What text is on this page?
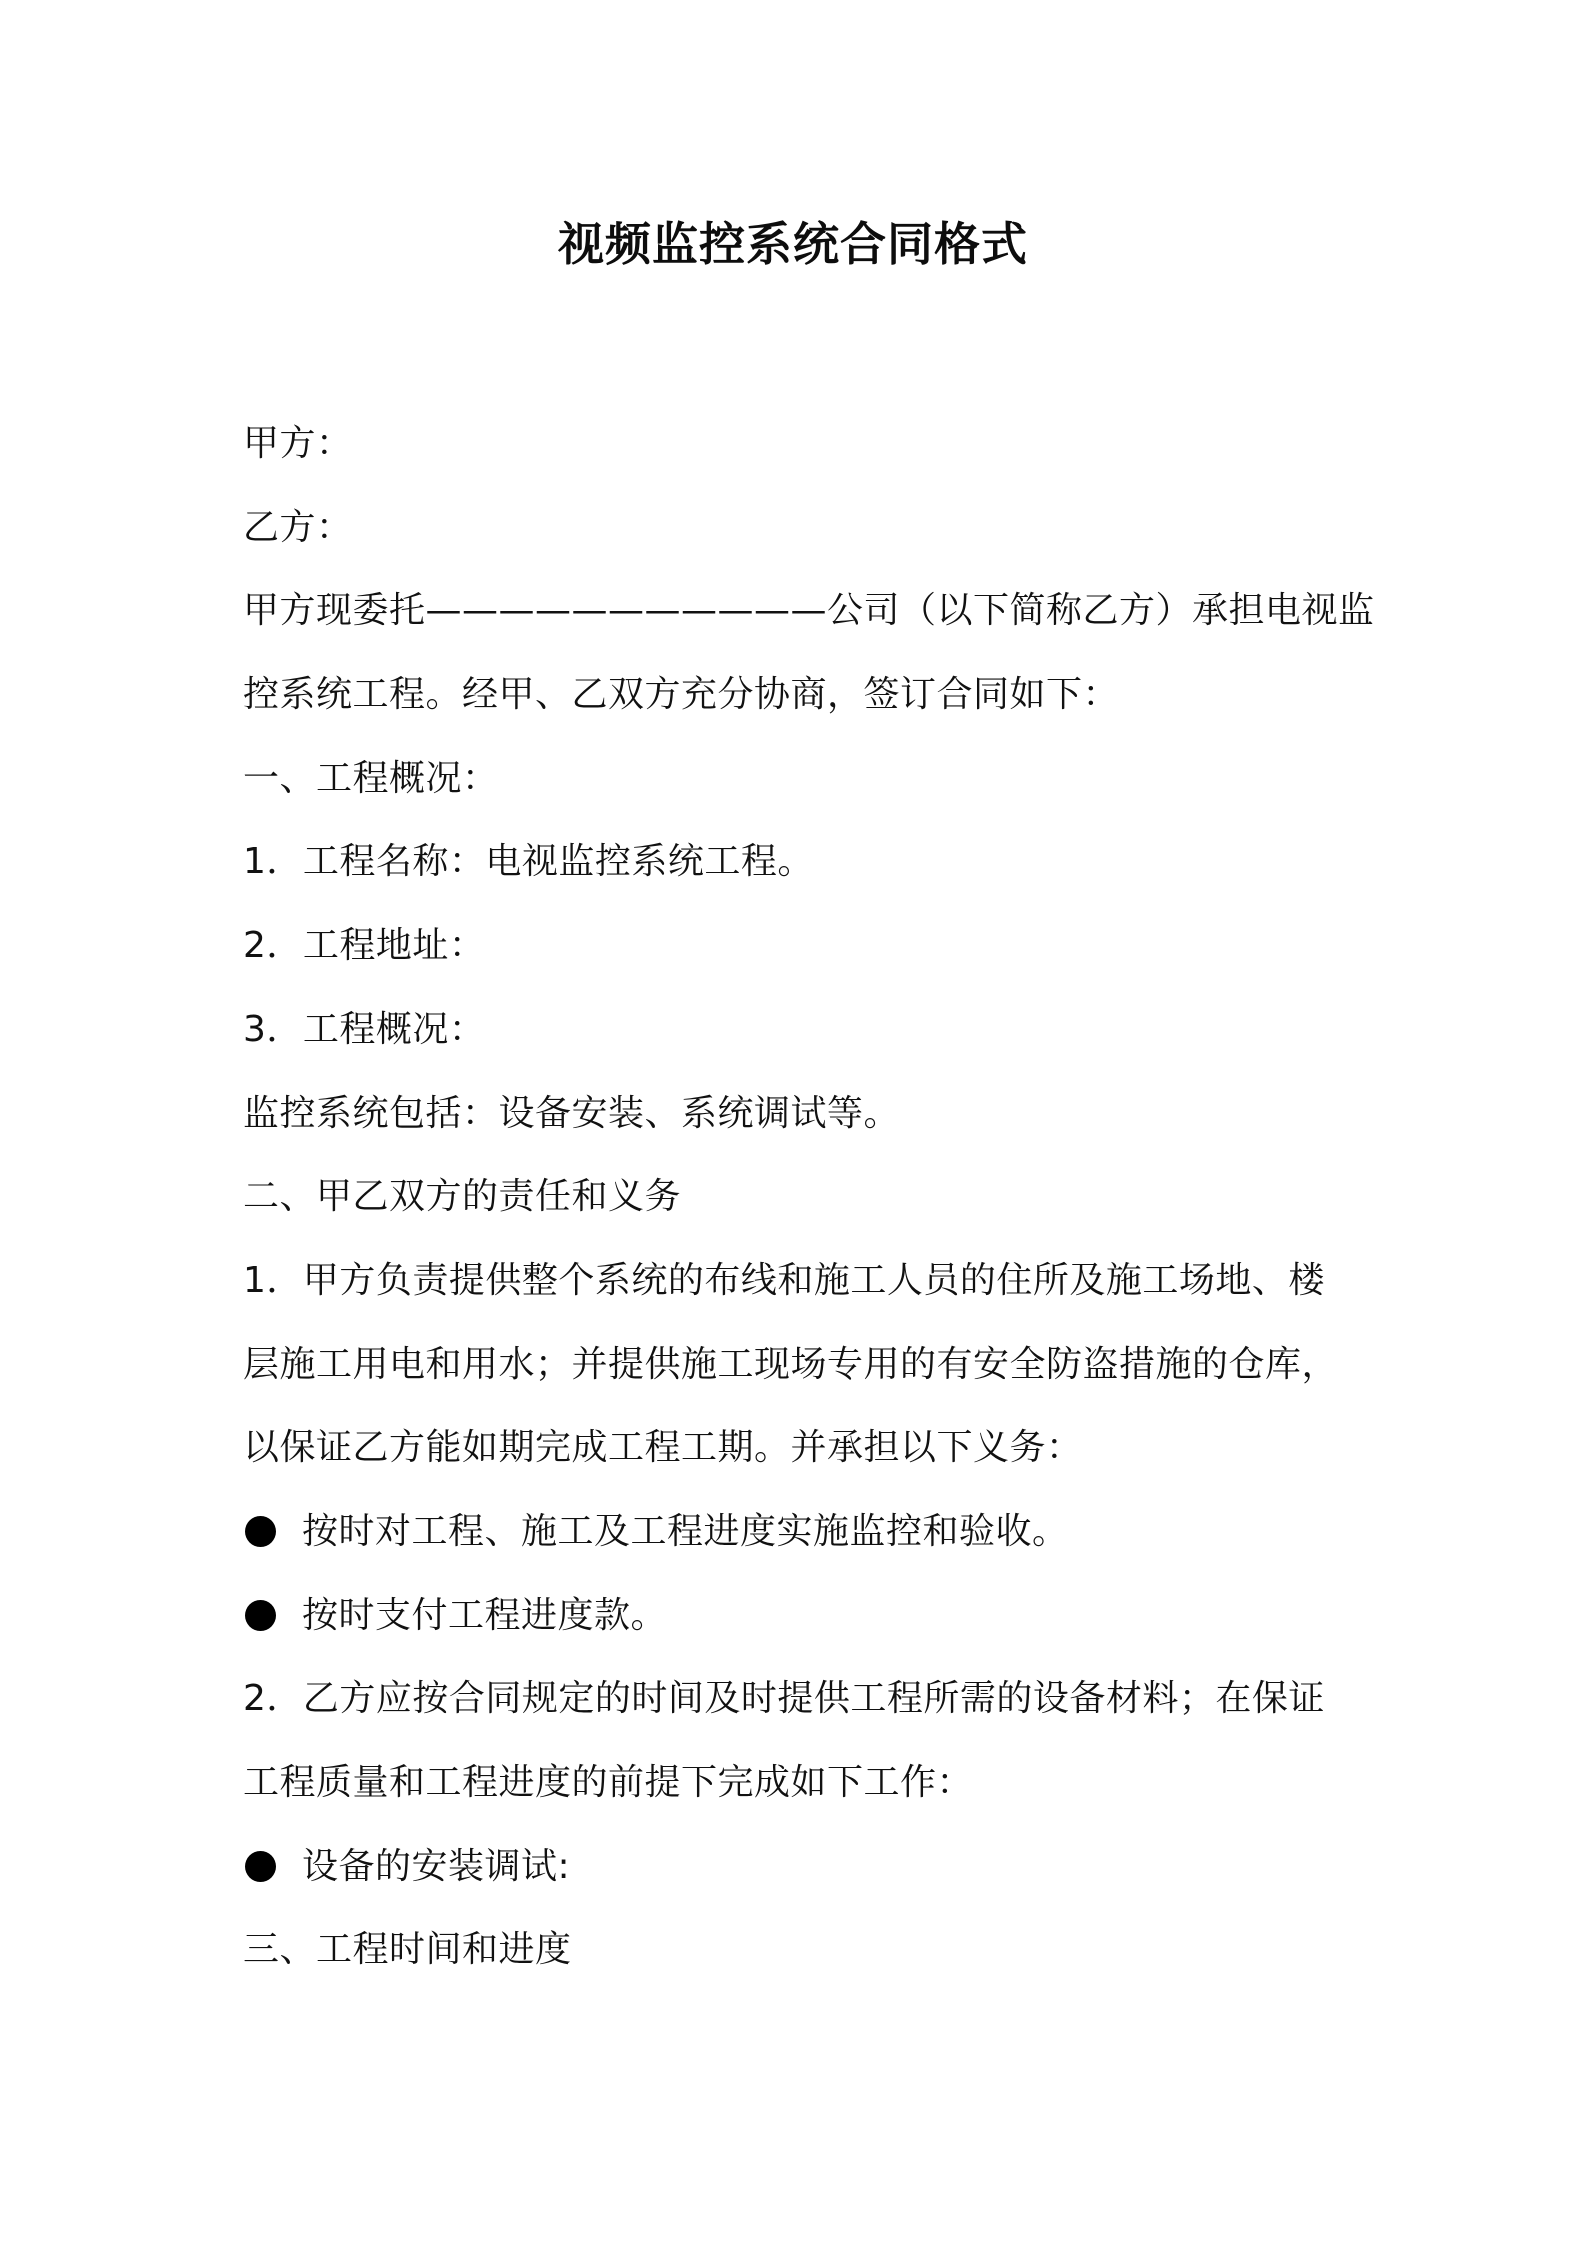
视频监控系统合同格式
甲方：
乙方：
甲方现委托———————————公司（以下简称乙方）承担电视监
控系统工程。经甲、乙双方充分协商，签订合同如下：
一、工程概况：
1．工程名称：电视监控系统工程。
2．工程地址：
3．工程概况：
监控系统包括：设备安装、系统调试等。
二、甲乙双方的责任和义务
1．甲方负责提供整个系统的布线和施工人员的住所及施工场地、楼
层施工用电和用水；并提供施工现场专用的有安全防盗措施的仓库，
以保证乙方能如期完成工程工期。并承担以下义务：
按时对工程、施工及工程进度实施监控和验收。
按时支付工程进度款。
2．乙方应按合同规定的时间及时提供工程所需的设备材料；在保证
工程质量和工程进度的前提下完成如下工作：
设备的安装调试:
三、工程时间和进度
